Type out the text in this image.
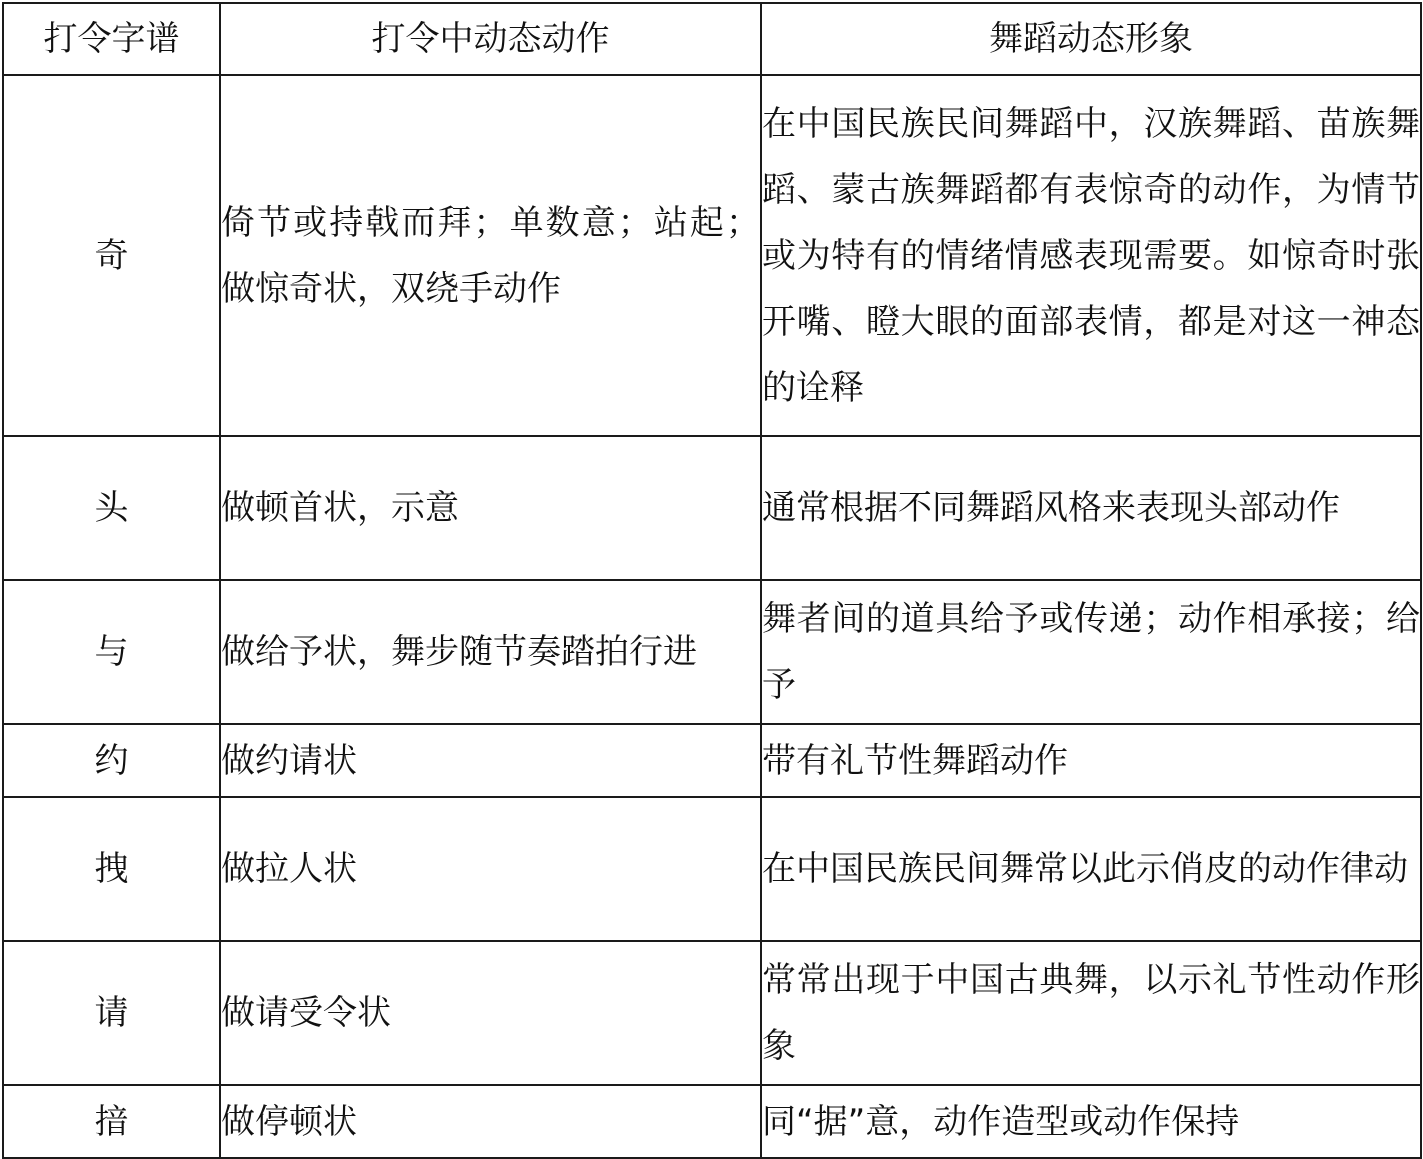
打令字谱	打令中动态动作	舞蹈动态形象
奇	倚节或持戟而拜；单数意；站起；做惊奇状，双绕手动作	在中国民族民间舞蹈中，汉族舞蹈、苗族舞蹈、蒙古族舞蹈都有表惊奇的动作，为情节或为特有的情绪情感表现需要。如惊奇时张开嘴、瞪大眼的面部表情，都是对这一神态的诠释
头	做顿首状，示意	通常根据不同舞蹈风格来表现头部动作
与	做给予状，舞步随节奏踏拍行进	舞者间的道具给予或传递；动作相承接；给予
约	做约请状	带有礼节性舞蹈动作
拽	做拉人状	在中国民族民间舞常以此示俏皮的动作律动
请	做请受令状	常常出现于中国古典舞，以示礼节性动作形象
揞	做停顿状	同“据”意，动作造型或动作保持
